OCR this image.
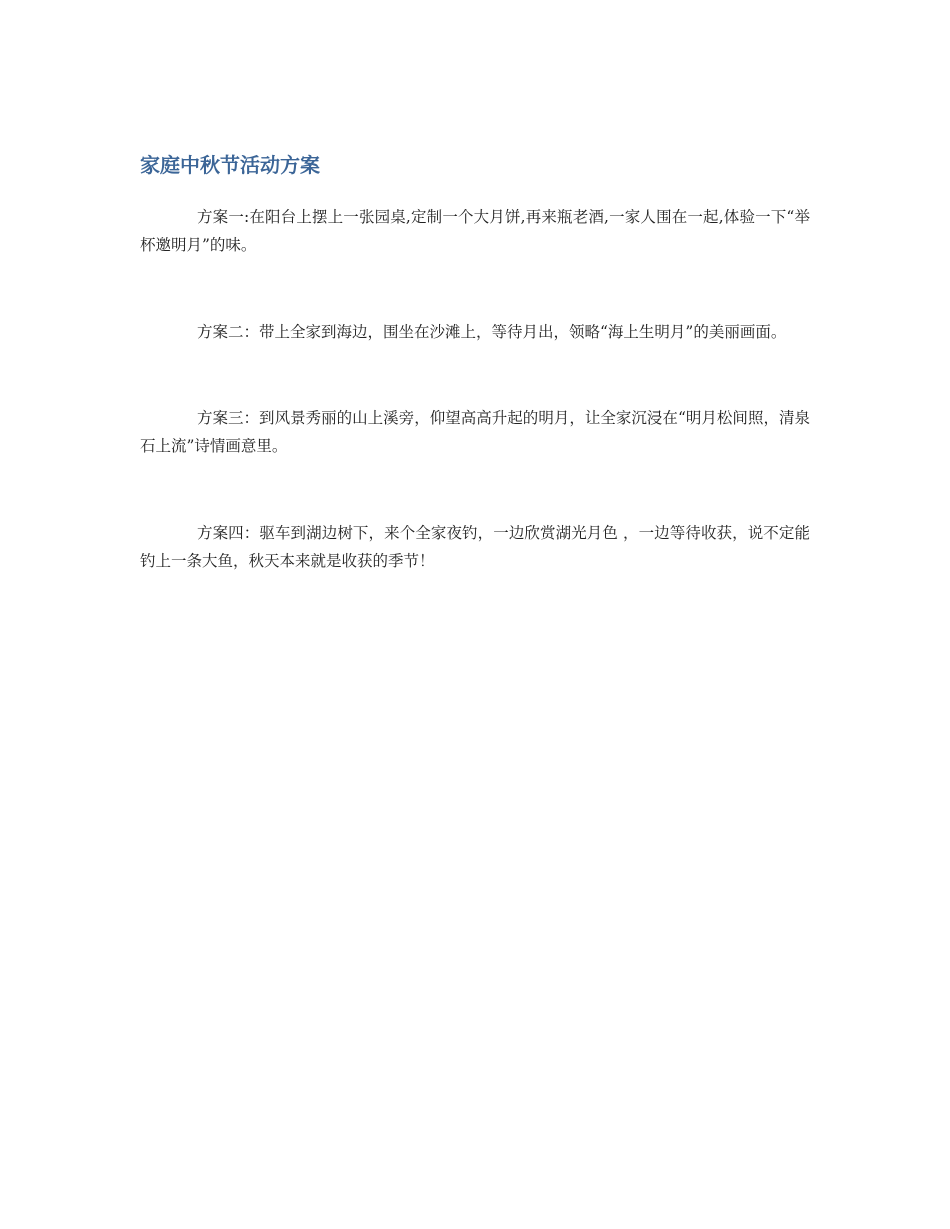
家庭中秋节活动方案

方案一:在阳台上摆上一张园桌,定制一个大月饼,再来瓶老酒,一家人围在一起,体验一下“举杯邀明月”的味。

方案二：带上全家到海边，围坐在沙滩上，等待月出，领略“海上生明月”的美丽画面。

方案三：到风景秀丽的山上溪旁，仰望高高升起的明月，让全家沉浸在“明月松间照，清泉石上流”诗情画意里。

方案四：驱车到湖边树下，来个全家夜钓，一边欣赏湖光月色 ，一边等待收获，说不定能钓上一条大鱼，秋天本来就是收获的季节！
